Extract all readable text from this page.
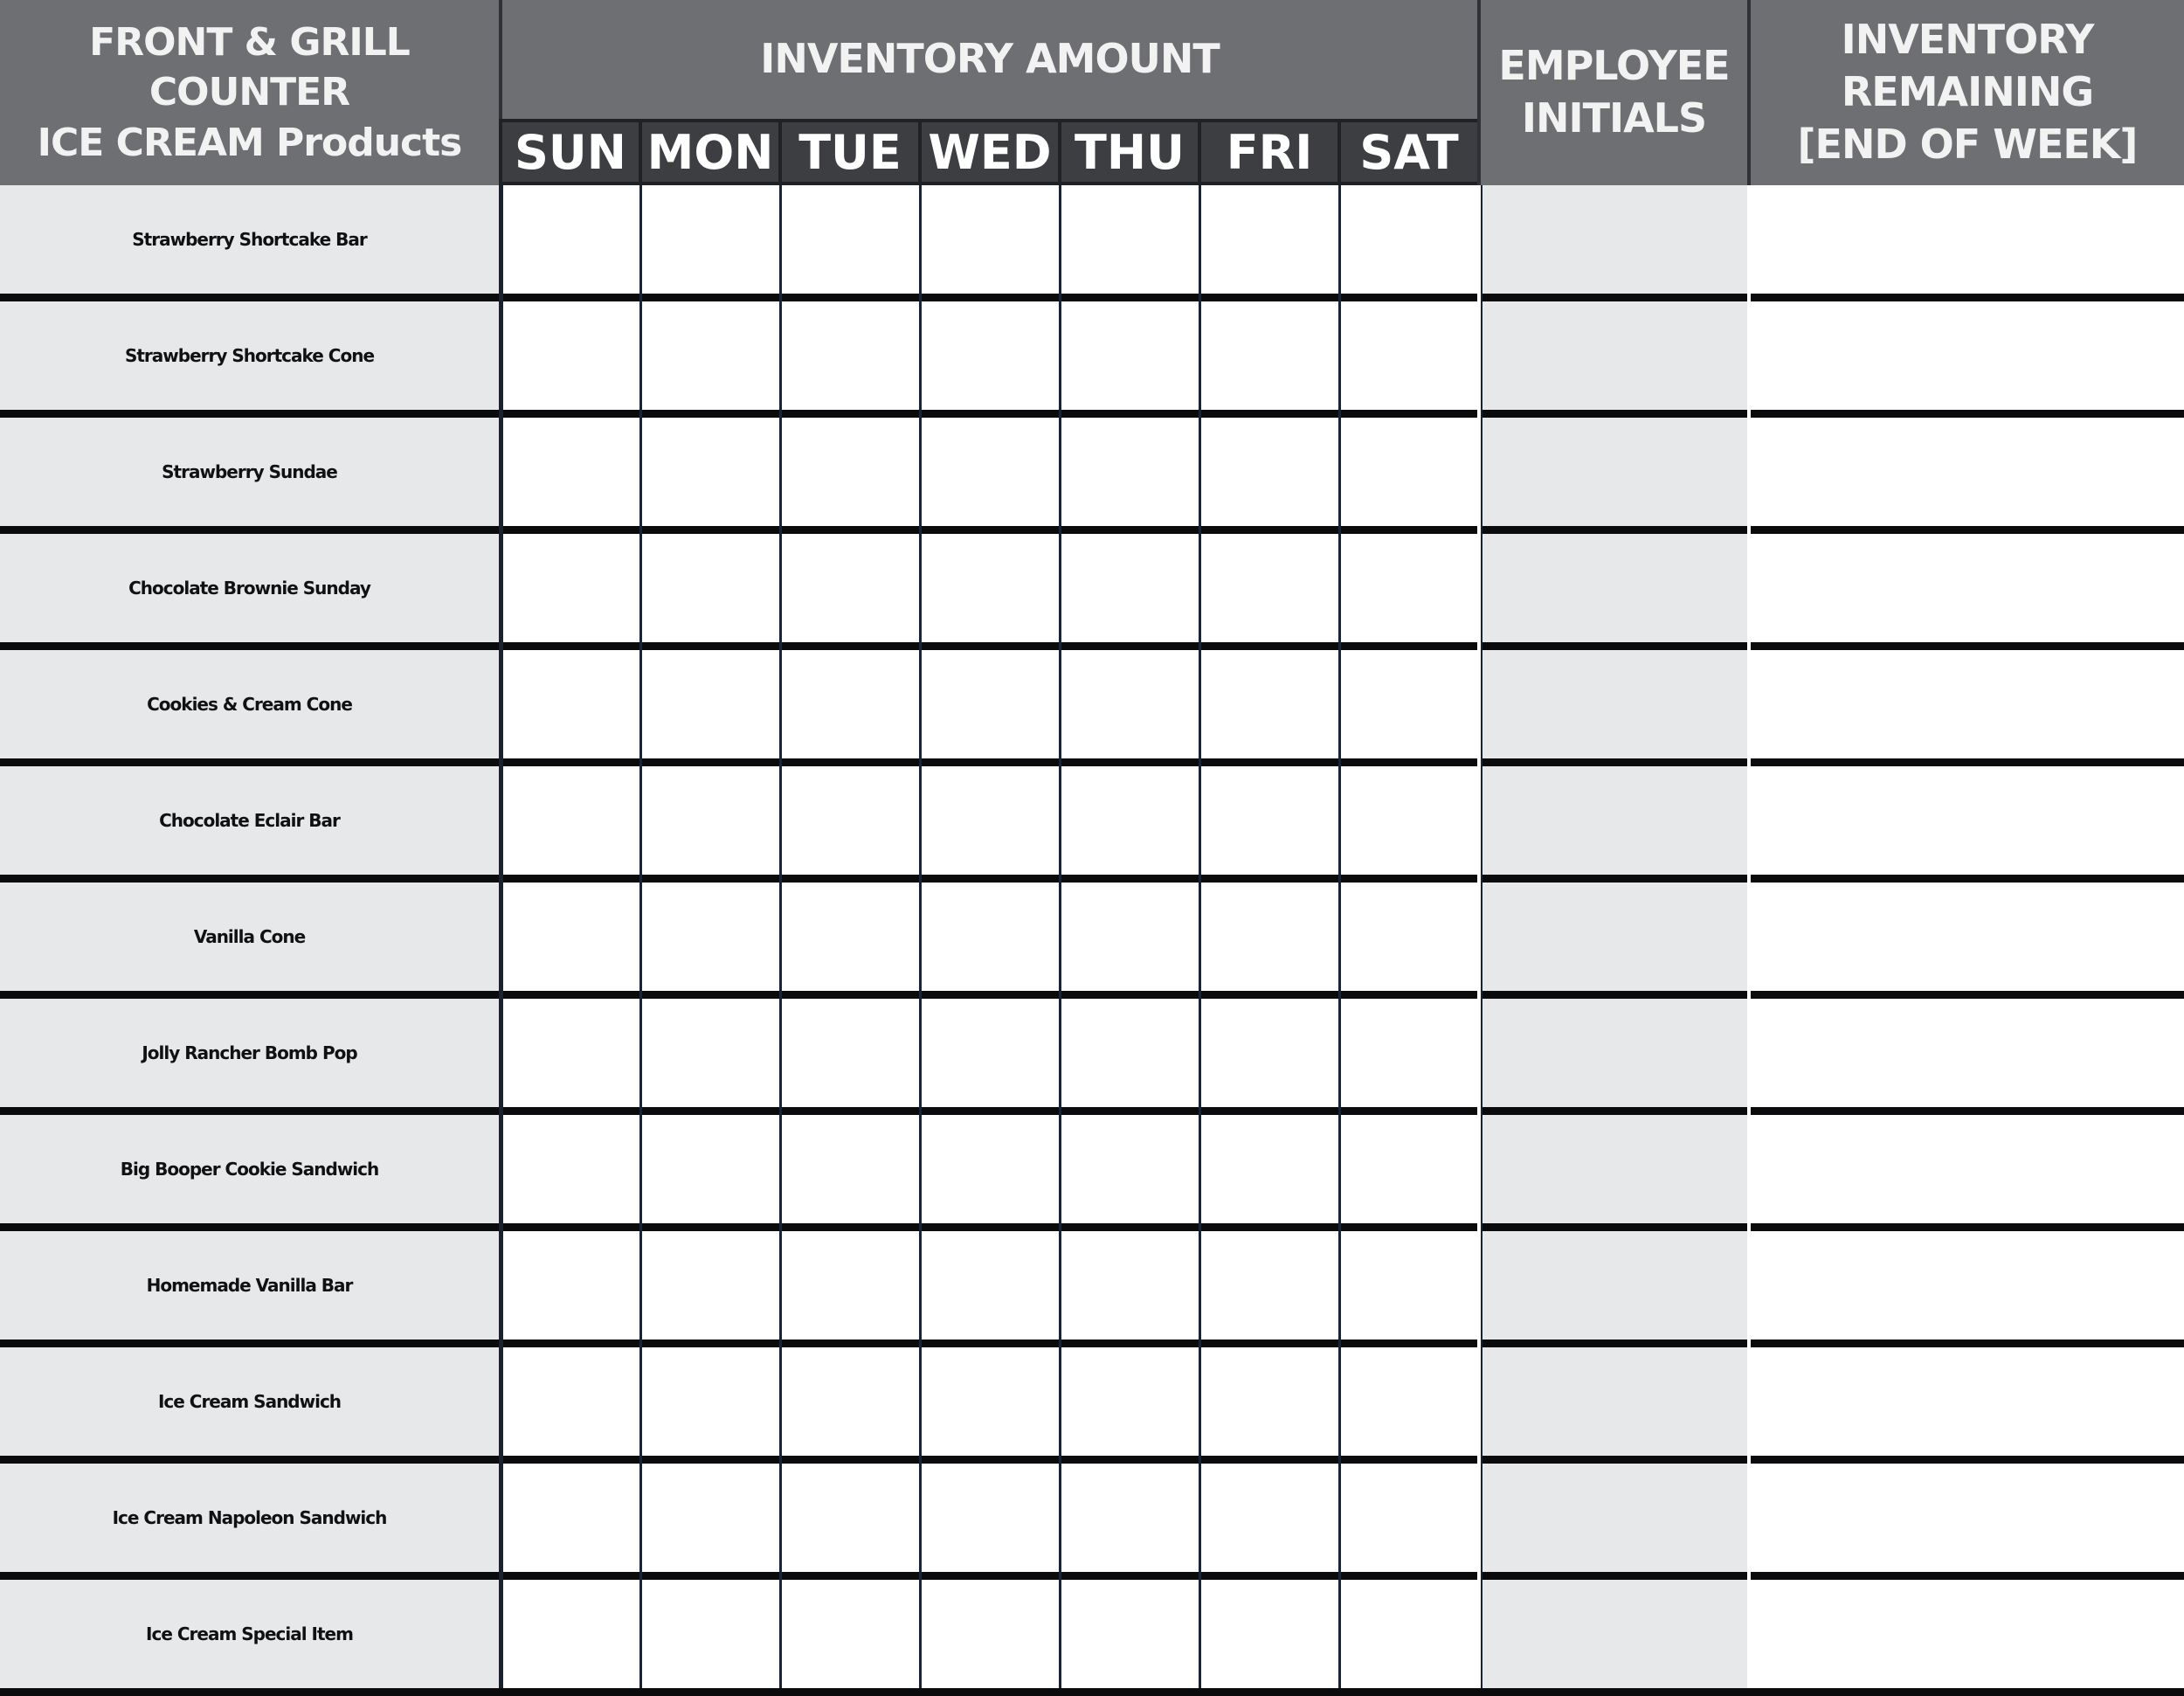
FRONT & GRILL COUNTER
ICE CREAM Products
INVENTORY AMOUNT
SUN MON TUE WED THU FRI	SAT
EMPLOYEE
INITIALS
INVENTORY REMAINING
[END OF WEEK]
Strawberry Shortcake Bar
Strawberry Shortcake Cone
Strawberry Sundae
Chocolate Brownie Sunday
Cookies & Cream Cone
Chocolate Eclair Bar
Vanilla Cone
Jolly Rancher Bomb Pop
Big Booper Cookie Sandwich
Homemade Vanilla Bar
Ice Cream Sandwich
Ice Cream Napoleon Sandwich
Ice Cream Special Item
